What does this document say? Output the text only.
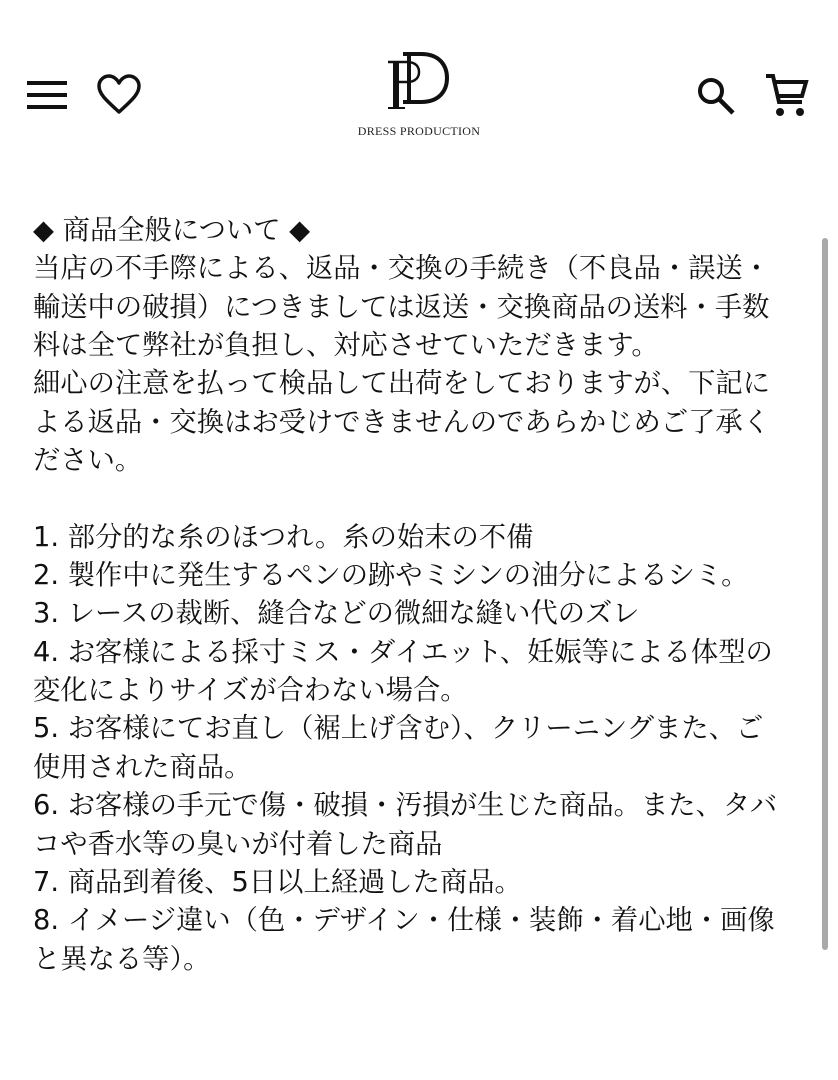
DRESS PRODUCTION

◆ 商品全般について ◆

当店の不手際による、返品・交換の手続き（不良品・誤送・輸送中の破損）につきましては返送・交換商品の送料・手数料は全て弊社が負担し、対応させていただきます。

細心の注意を払って検品して出荷をしておりますが、下記による返品・交換はお受けできませんのであらかじめご了承ください。

1. 部分的な糸のほつれ。糸の始末の不備

2. 製作中に発生するペンの跡やミシンの油分によるシミ。

3. レースの裁断、縫合などの微細な縫い代のズレ

4. お客様による採寸ミス・ダイエット、妊娠等による体型の変化によりサイズが合わない場合。

5. お客様にてお直し（裾上げ含む）、クリーニングまた、ご使用された商品。

6. お客様の手元で傷・破損・汚損が生じた商品。また、タバコや香水等の臭いが付着した商品

7. 商品到着後、5日以上経過した商品。

8. イメージ違い（色・デザイン・仕様・装飾・着心地・画像と異なる等）。
